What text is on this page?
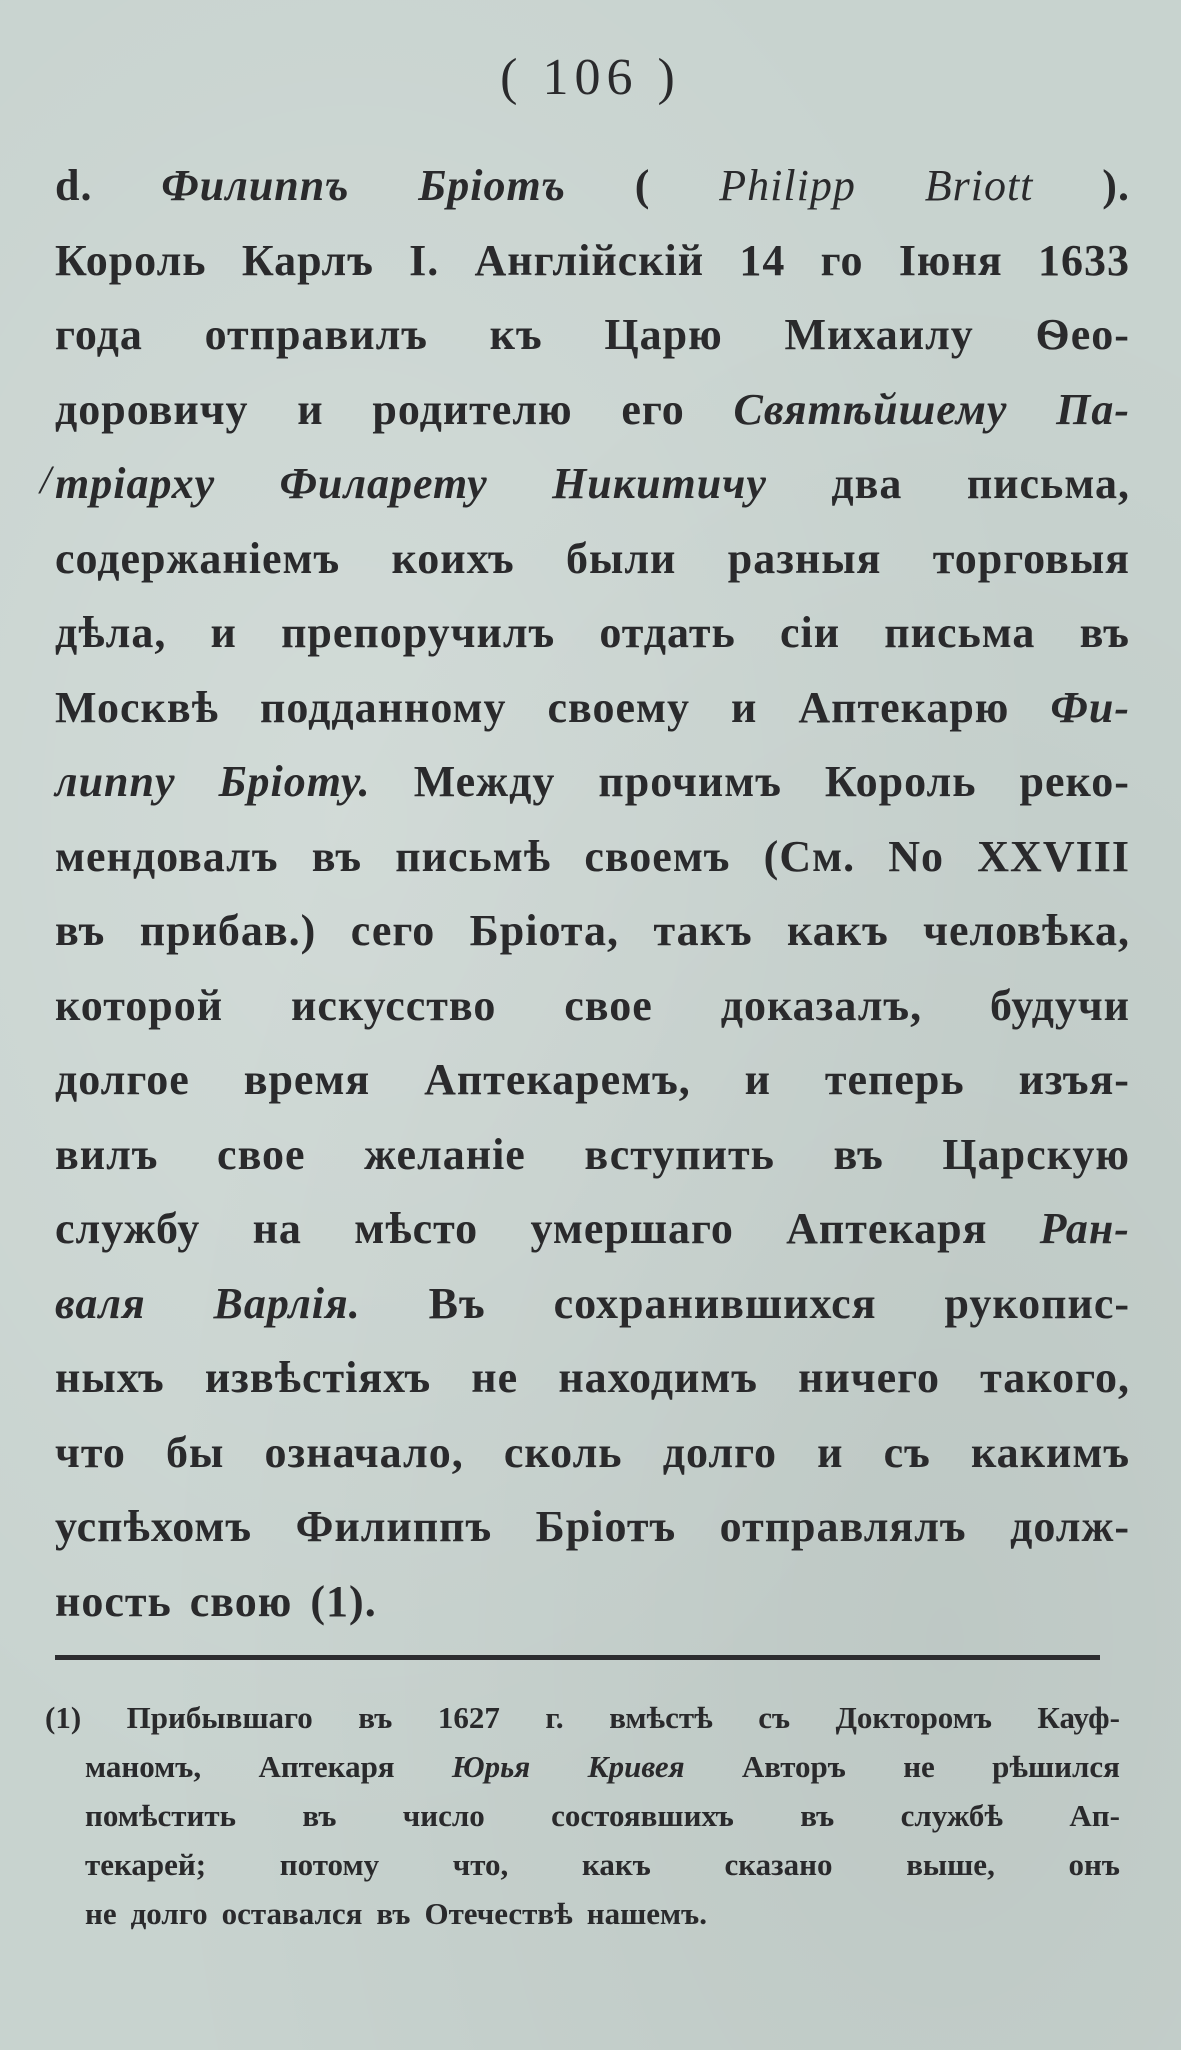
( 106 )
/
d. Филиппъ Бріотъ ( Philipp Briott ).
Король Карлъ I. Англійскій 14 го Іюня 1633
года отправилъ къ Царю Михаилу Ѳео-
доровичу и родителю его Святѣйшему Па-
тріарху Филарету Никитичу два письма,
содержаніемъ коихъ были разныя торговыя
дѣла, и препоручилъ отдать сіи письма въ
Москвѣ подданному своему и Аптекарю Фи-
липпу Бріоту. Между прочимъ Король реко-
мендовалъ въ письмѣ своемъ (См. No XXVIII
въ прибав.) сего Бріота, такъ какъ человѣка,
которой искусство свое доказалъ, будучи
долгое время Аптекаремъ, и теперь изъя-
вилъ свое желаніе вступить въ Царскую
службу на мѣсто умершаго Аптекаря Ран-
валя Варлія. Въ сохранившихся рукопис-
ныхъ извѣстіяхъ не находимъ ничего такого,
что бы означало, сколь долго и съ какимъ
успѣхомъ Филиппъ Бріотъ отправлялъ долж-
ность свою (1).
(1) Прибывшаго въ 1627 г. вмѣстѣ съ Докторомъ Кауф-
маномъ, Аптекаря Юрья Кривея Авторъ не рѣшился
помѣстить въ число состоявшихъ въ службѣ Ап-
текарей; потому что, какъ сказано выше, онъ
не долго оставался въ Отечествѣ нашемъ.
